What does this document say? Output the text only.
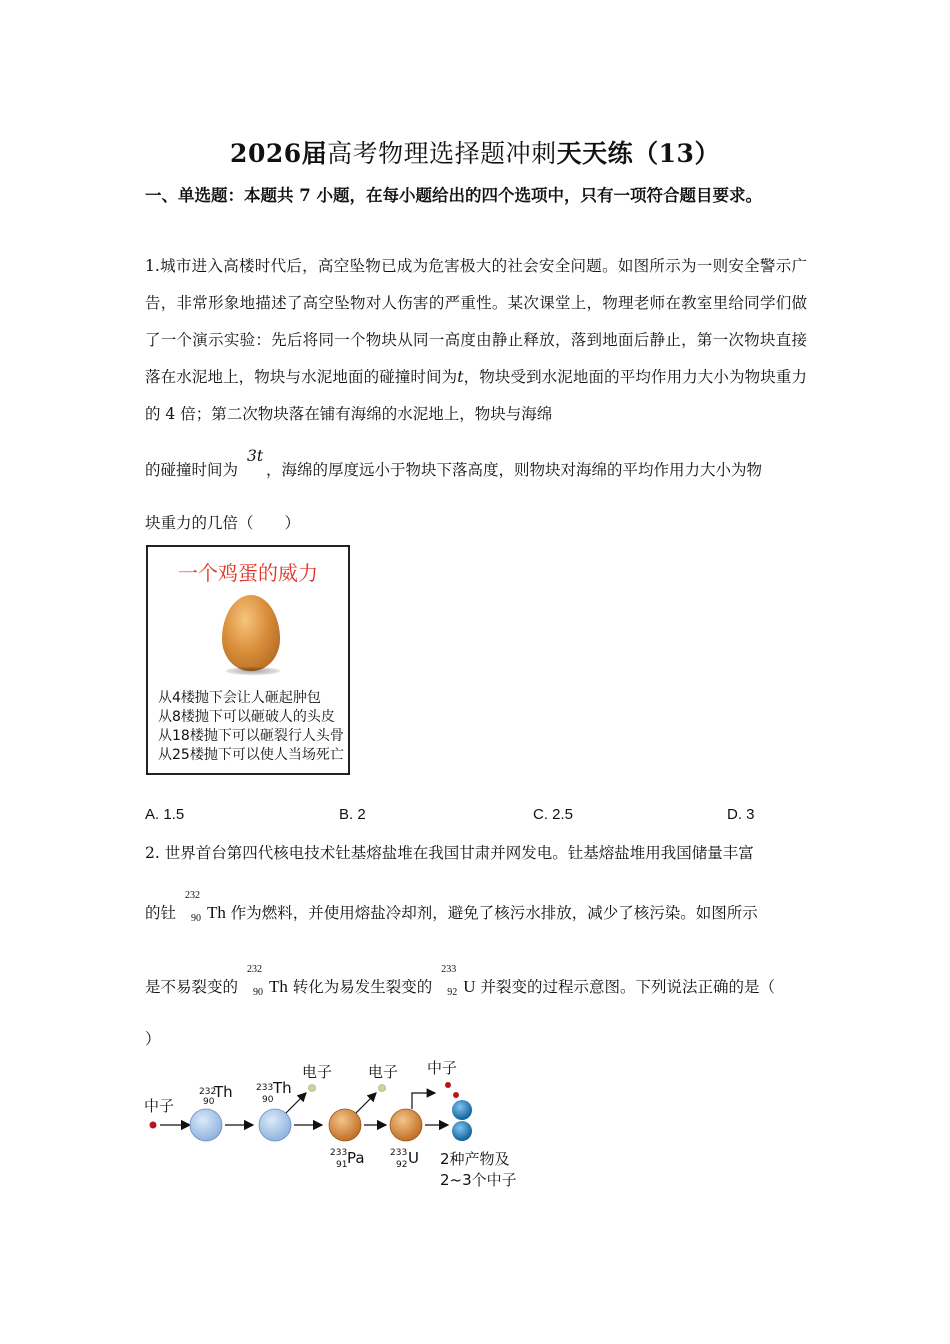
2026届高考物理选择题冲刺天天练（13）
一、单选题：本题共 7 小题，在每小题给出的四个选项中，只有一项符合题目要求。
1.城市进入高楼时代后，高空坠物已成为危害极大的社会安全问题。如图所示为一则安全警示广告，非常形象地描述了高空坠物对人伤害的严重性。某次课堂上，物理老师在教室里给同学们做了一个演示实验：先后将同一个物块从同一高度由静止释放，落到地面后静止，第一次物块直接落在水泥地上，物块与水泥地面的碰撞时间为t，物块受到水泥地面的平均作用力大小为物块重力的 4 倍；第二次物块落在铺有海绵的水泥地上，物块与海绵
3t
的碰撞时间为 ，海绵的厚度远小于物块下落高度，则物块对海绵的平均作用力大小为物
块重力的几倍（　　）
一个鸡蛋的威力
从4楼抛下会让人砸起肿包
从8楼抛下可以砸破人的头皮
从18楼抛下可以砸裂行人头骨
从25楼抛下可以使人当场死亡
A. 1.5	B. 2	C. 2.5	D. 3
2. 世界首台第四代核电技术钍基熔盐堆在我国甘肃并网发电。钍基熔盐堆用我国储量丰富
的钍
232
Th
90 作为燃料，并使用熔盐冷却剂，避免了核污水排放，减少了核污染。如图所示
是不易裂变的
232
Th
90 转化为易发生裂变的
233
U
92 并裂变的过程示意图。下列说法正确的是（
）
中子
232
Th
90
233 Th
90
电子
233 Pa
91
电子
233 U
92
中子
2种产物及
2~3个中子
